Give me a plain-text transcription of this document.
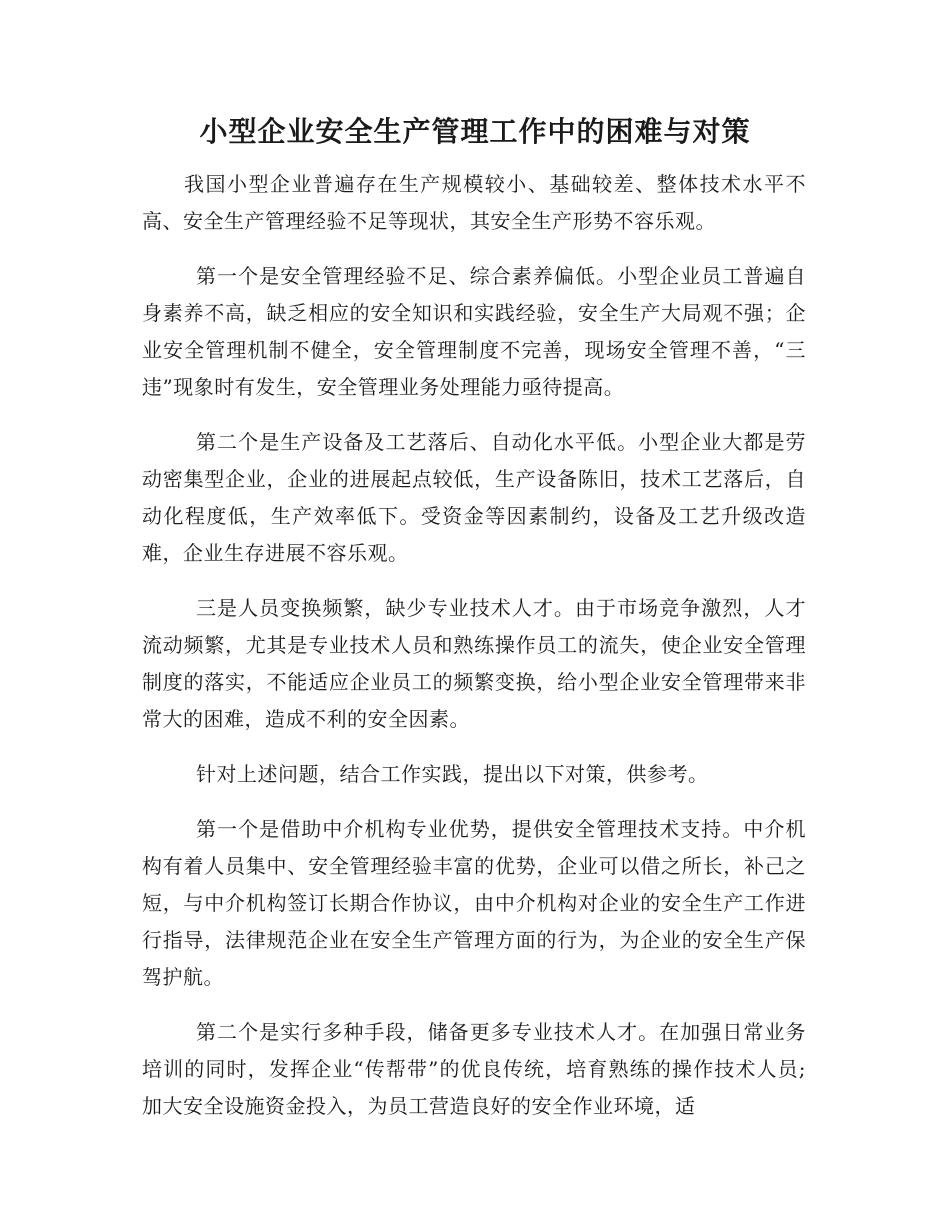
小型企业安全生产管理工作中的困难与对策

我国小型企业普遍存在生产规模较小、基础较差、整体技术水平不高、安全生产管理经验不足等现状，其安全生产形势不容乐观。

第一个是安全管理经验不足、综合素养偏低。小型企业员工普遍自身素养不高，缺乏相应的安全知识和实践经验，安全生产大局观不强；企业安全管理机制不健全，安全管理制度不完善，现场安全管理不善，“三违”现象时有发生，安全管理业务处理能力亟待提高。

第二个是生产设备及工艺落后、自动化水平低。小型企业大都是劳动密集型企业，企业的进展起点较低，生产设备陈旧，技术工艺落后，自动化程度低，生产效率低下。受资金等因素制约，设备及工艺升级改造难，企业生存进展不容乐观。

三是人员变换频繁，缺少专业技术人才。由于市场竞争激烈，人才流动频繁，尤其是专业技术人员和熟练操作员工的流失，使企业安全管理制度的落实，不能适应企业员工的频繁变换，给小型企业安全管理带来非常大的困难，造成不利的安全因素。

针对上述问题，结合工作实践，提出以下对策，供参考。

第一个是借助中介机构专业优势，提供安全管理技术支持。中介机构有着人员集中、安全管理经验丰富的优势，企业可以借之所长，补己之短，与中介机构签订长期合作协议，由中介机构对企业的安全生产工作进行指导，法律规范企业在安全生产管理方面的行为，为企业的安全生产保驾护航。

第二个是实行多种手段，储备更多专业技术人才。在加强日常业务培训的同时，发挥企业“传帮带”的优良传统，培育熟练的操作技术人员;加大安全设施资金投入，为员工营造良好的安全作业环境，适
